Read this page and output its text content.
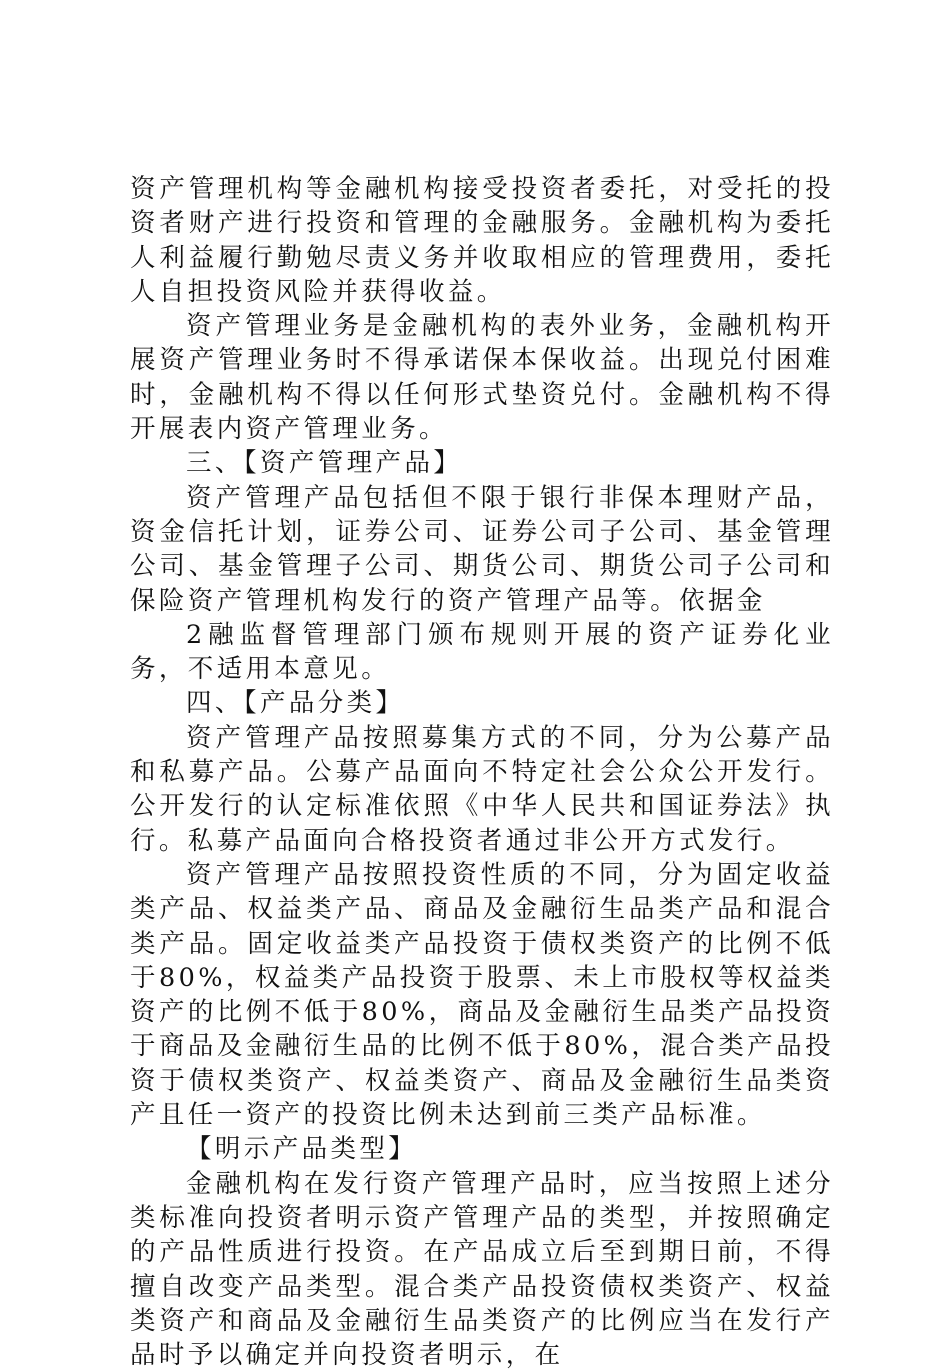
资产管理机构等金融机构接受投资者委托，对受托的投资者财产进行投资和管理的金融服务。金融机构为委托人利益履行勤勉尽责义务并收取相应的管理费用，委托人自担投资风险并获得收益。

资产管理业务是金融机构的表外业务，金融机构开展资产管理业务时不得承诺保本保收益。出现兑付困难时，金融机构不得以任何形式垫资兑付。金融机构不得开展表内资产管理业务。

三、【资产管理产品】

资产管理产品包括但不限于银行非保本理财产品，资金信托计划，证券公司、证券公司子公司、基金管理公司、基金管理子公司、期货公司、期货公司子公司和保险资产管理机构发行的资产管理产品等。依据金

2融监督管理部门颁布规则开展的资产证券化业务，不适用本意见。

四、【产品分类】

资产管理产品按照募集方式的不同，分为公募产品和私募产品。公募产品面向不特定社会公众公开发行。公开发行的认定标准依照《中华人民共和国证券法》执行。私募产品面向合格投资者通过非公开方式发行。

资产管理产品按照投资性质的不同，分为固定收益类产品、权益类产品、商品及金融衍生品类产品和混合类产品。固定收益类产品投资于债权类资产的比例不低于80%，权益类产品投资于股票、未上市股权等权益类资产的比例不低于80%，商品及金融衍生品类产品投资于商品及金融衍生品的比例不低于80%，混合类产品投资于债权类资产、权益类资产、商品及金融衍生品类资产且任一资产的投资比例未达到前三类产品标准。

【明示产品类型】

金融机构在发行资产管理产品时，应当按照上述分类标准向投资者明示资产管理产品的类型，并按照确定的产品性质进行投资。在产品成立后至到期日前，不得擅自改变产品类型。混合类产品投资债权类资产、权益类资产和商品及金融衍生品类资产的比例应当在发行产品时予以确定并向投资者明示，在
